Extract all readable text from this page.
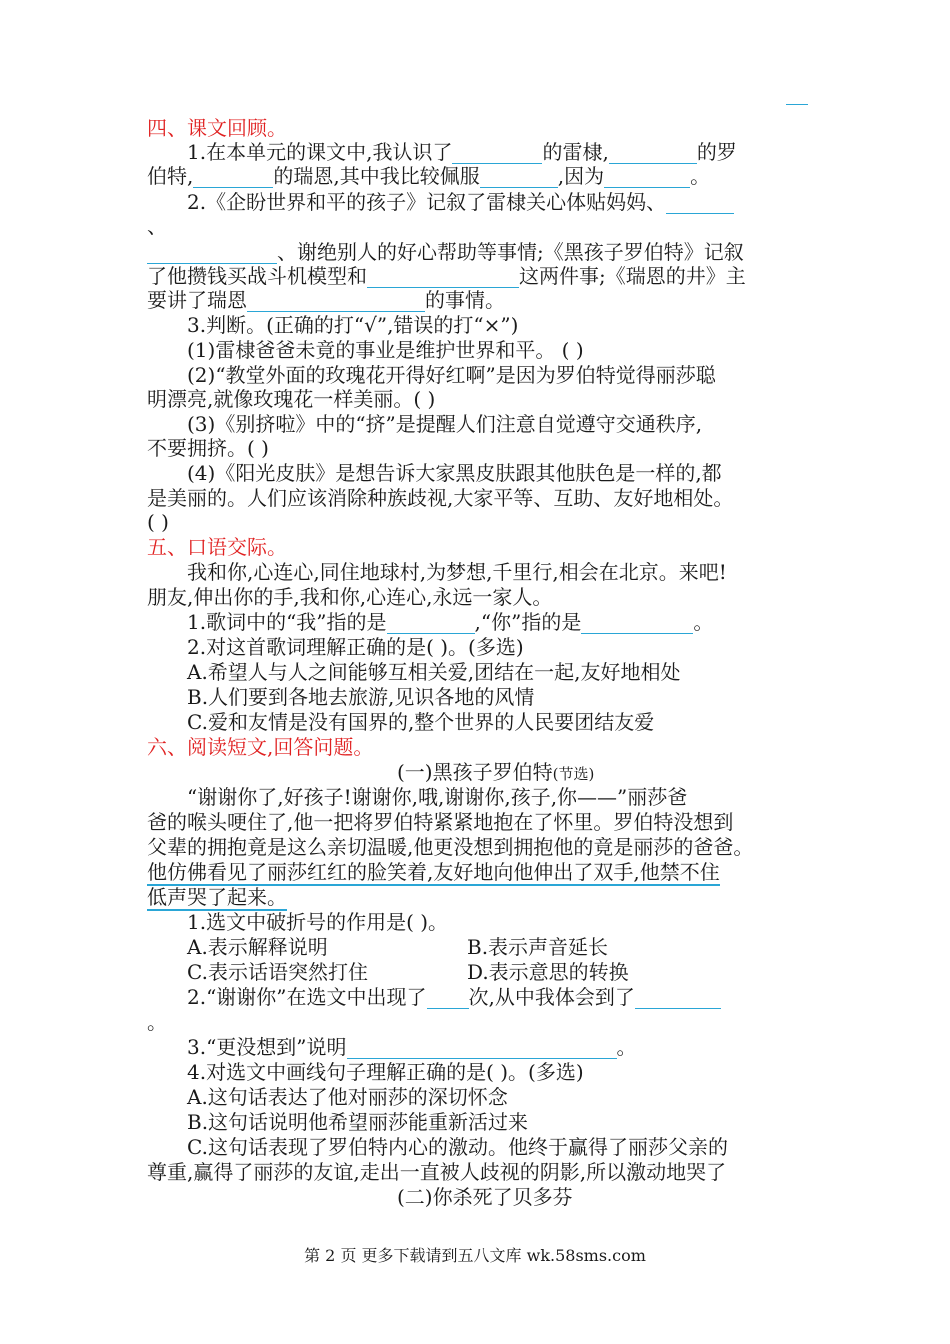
四、课文回顾。
1.在本单元的课文中,我认识了	的雷棣,	的罗
伯特,	的瑞恩,其中我比较佩服	,因为	。
2.《企盼世界和平的孩子》记叙了雷棣关心体贴妈妈、
、
、谢绝别人的好心帮助等事情;《黑孩子罗伯特》记叙
了他攒钱买战斗机模型和	这两件事;《瑞恩的井》主
要讲了瑞恩	的事情。
3.判断。(正确的打“√”,错误的打“×”)
(1)雷棣爸爸未竟的事业是维护世界和平。 ( )
(2)“教堂外面的玫瑰花开得好红啊”是因为罗伯特觉得丽莎聪
明漂亮,就像玫瑰花一样美丽。( )
(3)《别挤啦》中的“挤”是提醒人们注意自觉遵守交通秩序,
不要拥挤。( )
(4)《阳光皮肤》是想告诉大家黑皮肤跟其他肤色是一样的,都
是美丽的。人们应该消除种族歧视,大家平等、互助、友好地相处。
( )
五、口语交际。
我和你,心连心,同住地球村,为梦想,千里行,相会在北京。来吧!
朋友,伸出你的手,我和你,心连心,永远一家人。
1.歌词中的“我”指的是	,“你”指的是	。
2.对这首歌词理解正确的是( )。(多选)
A.希望人与人之间能够互相关爱,团结在一起,友好地相处
B.人们要到各地去旅游,见识各地的风情
C.爱和友情是没有国界的,整个世界的人民要团结友爱
六、阅读短文,回答问题。
(一)黑孩子罗伯特(节选)
“谢谢你了,好孩子!谢谢你,哦,谢谢你,孩子,你——”丽莎爸
爸的喉头哽住了,他一把将罗伯特紧紧地抱在了怀里。罗伯特没想到
父辈的拥抱竟是这么亲切温暖,他更没想到拥抱他的竟是丽莎的爸爸。
他仿佛看见了丽莎红红的脸笑着,友好地向他伸出了双手,他禁不住
低声哭了起来。
1.选文中破折号的作用是( )。
A.表示解释说明	B.表示声音延长
C.表示话语突然打住	D.表示意思的转换
2.“谢谢你”在选文中出现了 次,从中我体会到了
。
3.“更没想到”说明	。
4.对选文中画线句子理解正确的是( )。(多选)
A.这句话表达了他对丽莎的深切怀念
B.这句话说明他希望丽莎能重新活过来
C.这句话表现了罗伯特内心的激动。他终于赢得了丽莎父亲的
尊重,赢得了丽莎的友谊,走出一直被人歧视的阴影,所以激动地哭了
(二)你杀死了贝多芬
第 2 页 更多下载请到五八文库 wk.58sms.com
